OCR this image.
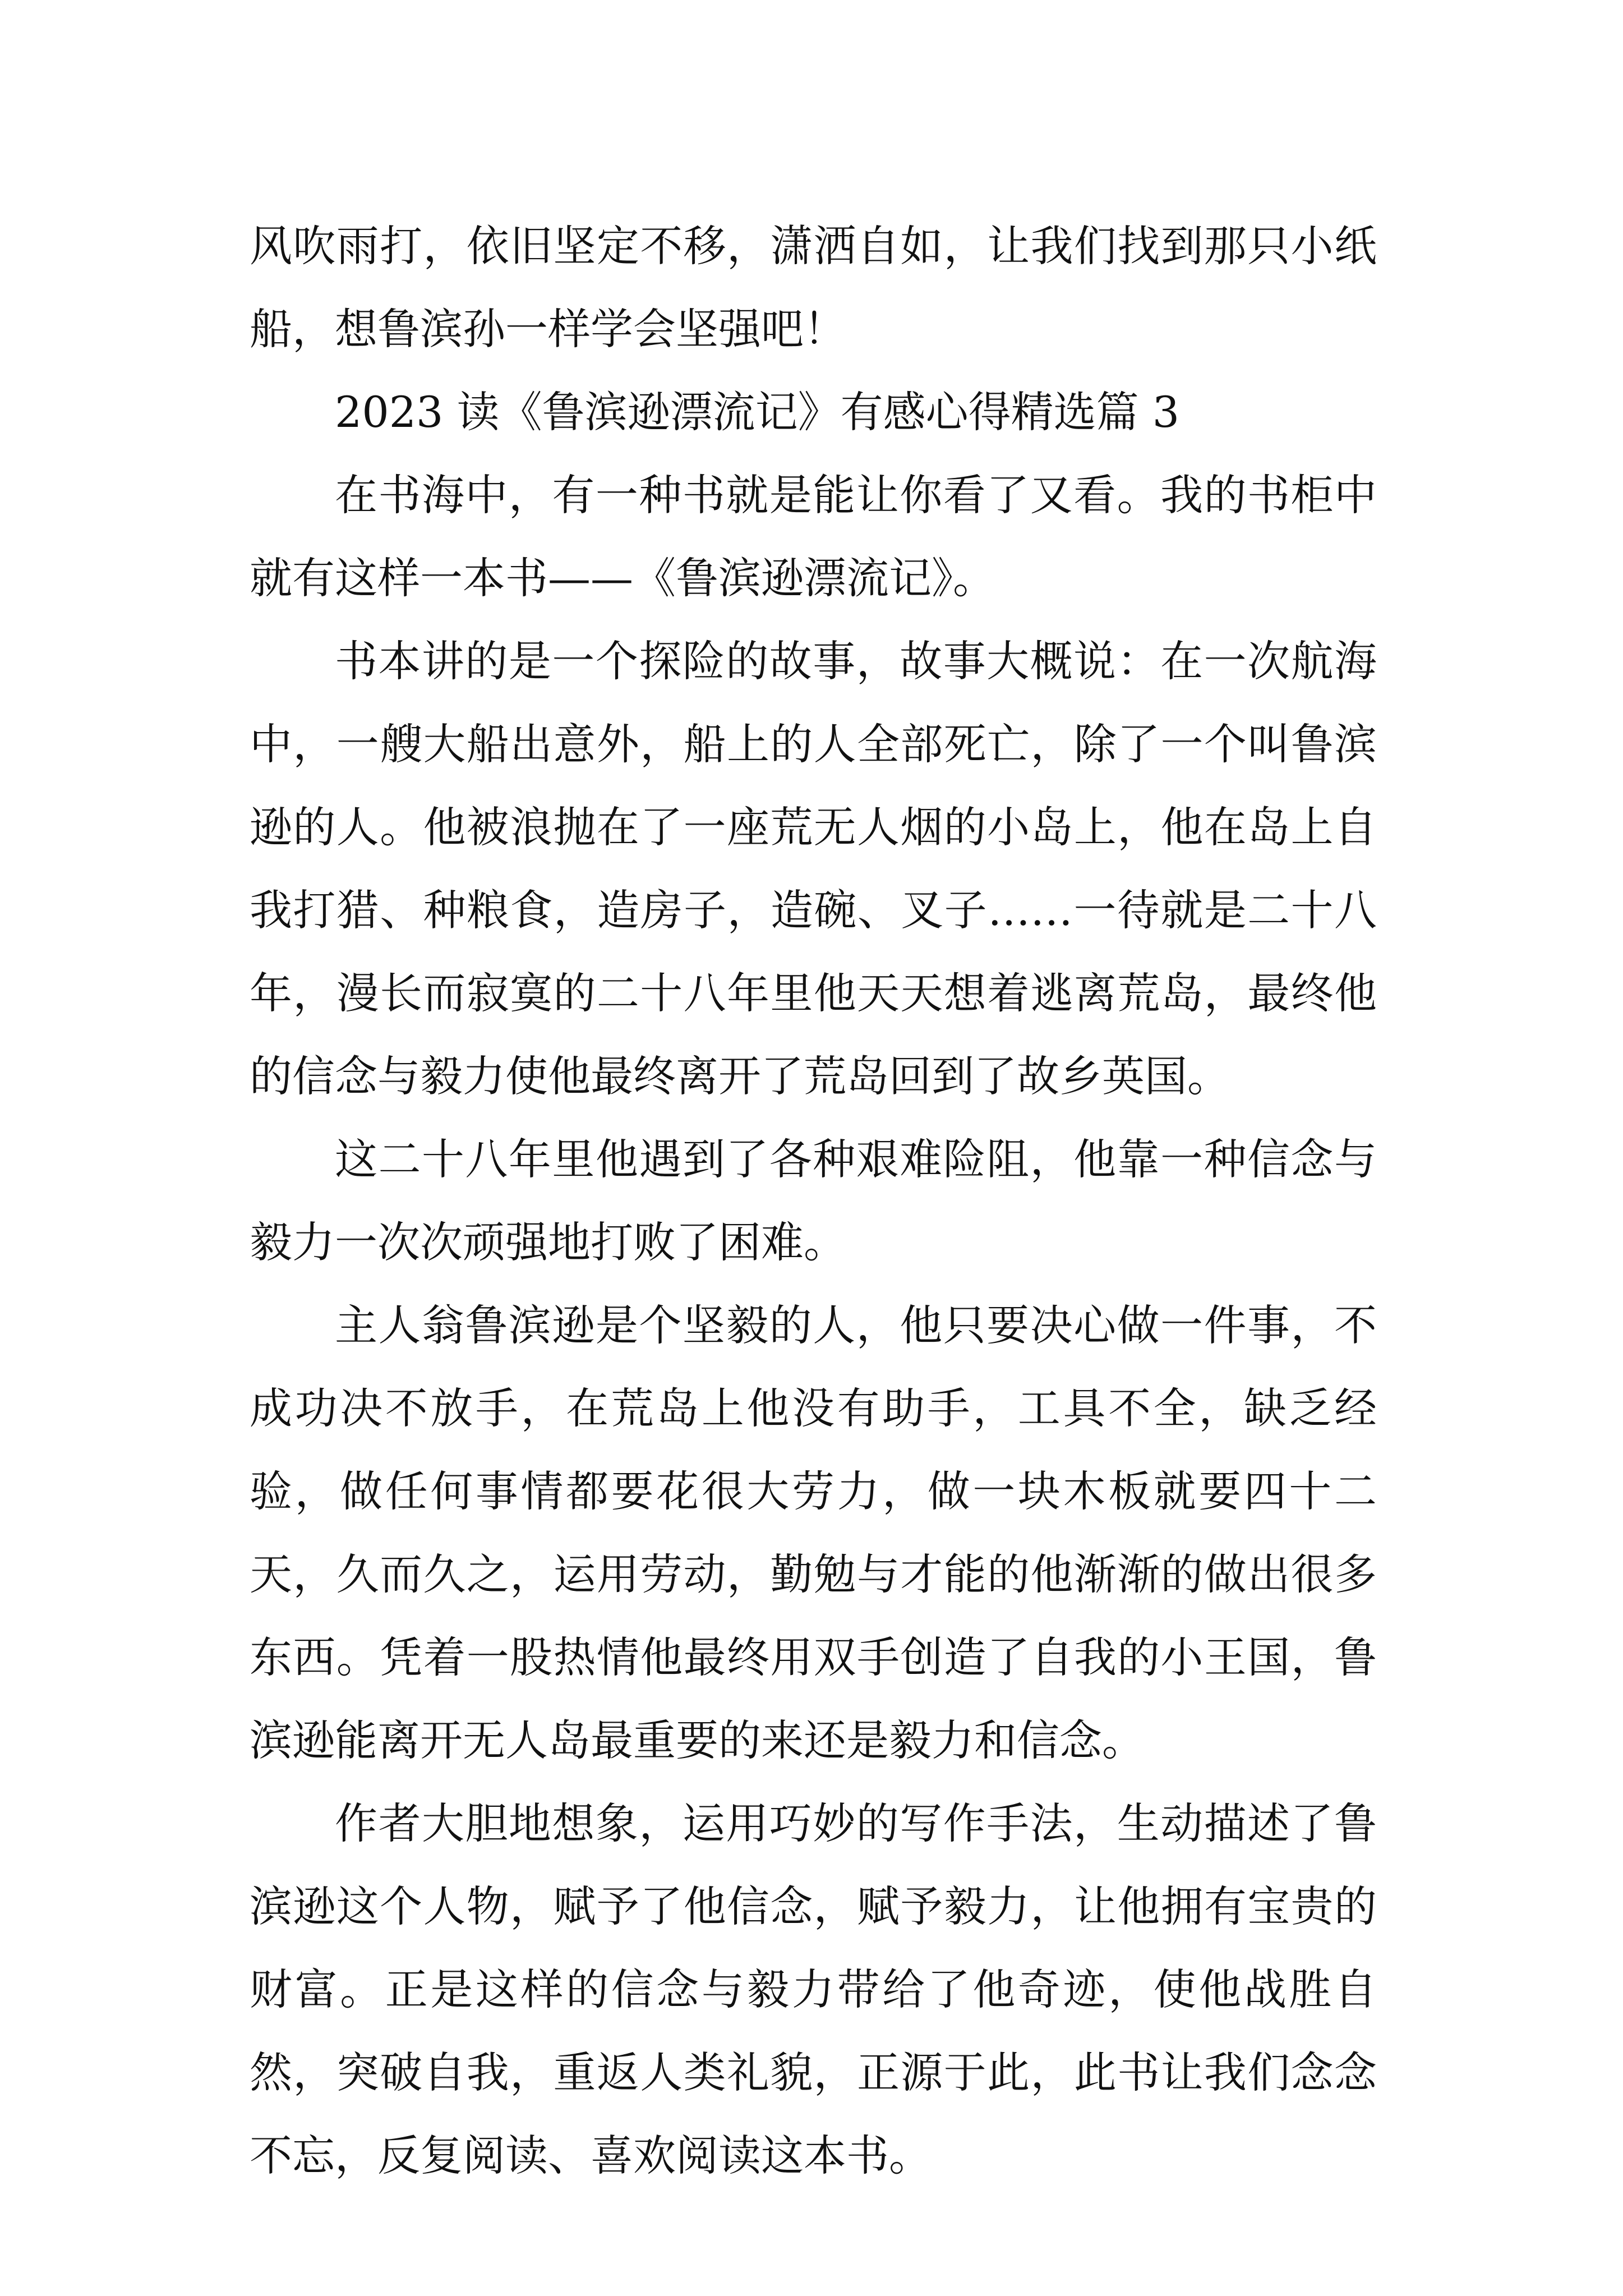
风吹雨打，依旧坚定不移，潇洒自如，让我们找到那只小纸船，想鲁滨孙一样学会坚强吧！

2023 读《鲁滨逊漂流记》有感心得精选篇 3

在书海中，有一种书就是能让你看了又看。我的书柜中就有这样一本书——《鲁滨逊漂流记》。

书本讲的是一个探险的故事，故事大概说：在一次航海中，一艘大船出意外，船上的人全部死亡，除了一个叫鲁滨逊的人。他被浪抛在了一座荒无人烟的小岛上，他在岛上自我打猎、种粮食，造房子，造碗、叉子……一待就是二十八年，漫长而寂寞的二十八年里他天天想着逃离荒岛，最终他的信念与毅力使他最终离开了荒岛回到了故乡英国。

这二十八年里他遇到了各种艰难险阻，他靠一种信念与毅力一次次顽强地打败了困难。

主人翁鲁滨逊是个坚毅的人，他只要决心做一件事，不成功决不放手，在荒岛上他没有助手，工具不全，缺乏经验，做任何事情都要花很大劳力，做一块木板就要四十二天，久而久之，运用劳动，勤勉与才能的他渐渐的做出很多东西。凭着一股热情他最终用双手创造了自我的小王国，鲁滨逊能离开无人岛最重要的来还是毅力和信念。

作者大胆地想象，运用巧妙的写作手法，生动描述了鲁滨逊这个人物，赋予了他信念，赋予毅力，让他拥有宝贵的财富。正是这样的信念与毅力带给了他奇迹，使他战胜自然，突破自我，重返人类礼貌，正源于此，此书让我们念念不忘，反复阅读、喜欢阅读这本书。
